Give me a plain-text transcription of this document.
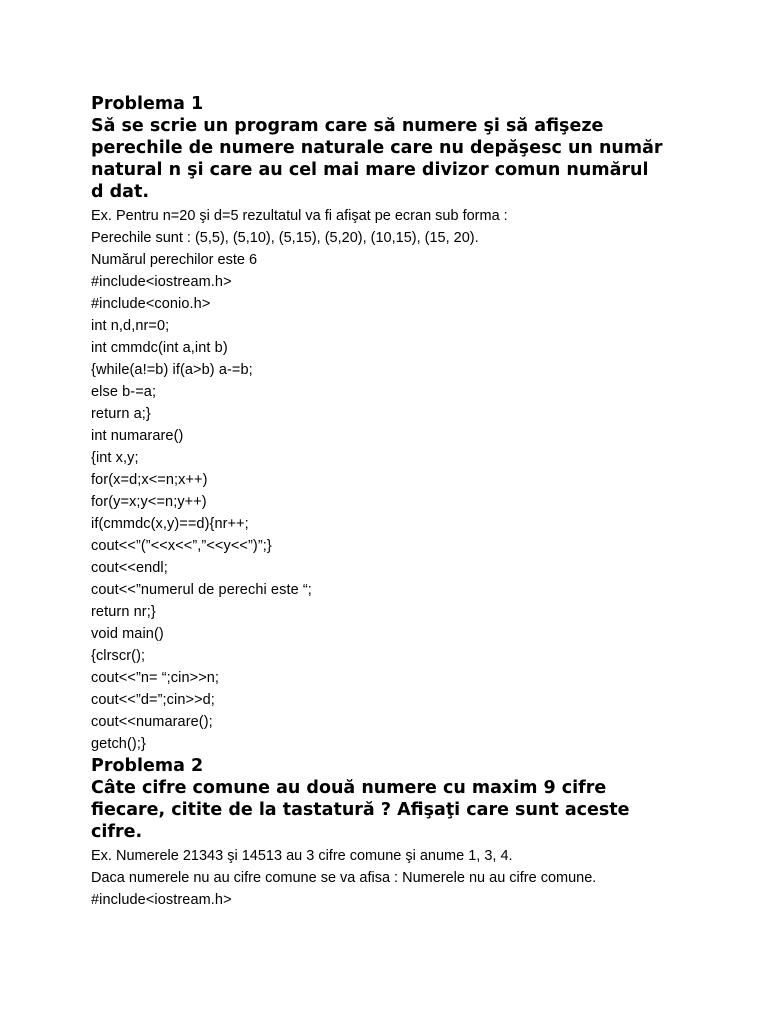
Problema 1
Să se scrie un program care să numere şi să afişeze
perechile de numere naturale care nu depăşesc un număr
natural n şi care au cel mai mare divizor comun numărul
d dat.
Ex. Pentru n=20 şi d=5 rezultatul va fi afişat pe ecran sub forma :
Perechile sunt : (5,5), (5,10), (5,15), (5,20), (10,15), (15, 20).
Numărul perechilor este 6
#include<iostream.h>
#include<conio.h>
int n,d,nr=0;
int cmmdc(int a,int b)
{while(a!=b) if(a>b) a-=b;
else b-=a;
return a;}
int numarare()
{int x,y;
for(x=d;x<=n;x++)
for(y=x;y<=n;y++)
if(cmmdc(x,y)==d){nr++;
cout<<”(”<<x<<”,”<<y<<”)”;}
cout<<endl;
cout<<”numerul de perechi este “;
return nr;}
void main()
{clrscr();
cout<<”n= “;cin>>n;
cout<<”d=”;cin>>d;
cout<<numarare();
getch();}
Problema 2
Câte cifre comune au două numere cu maxim 9 cifre
fiecare, citite de la tastatură ? Afişaţi care sunt aceste
cifre.
Ex. Numerele 21343 şi 14513 au 3 cifre comune şi anume 1, 3, 4.
Daca numerele nu au cifre comune se va afisa : Numerele nu au cifre comune.
#include<iostream.h>
